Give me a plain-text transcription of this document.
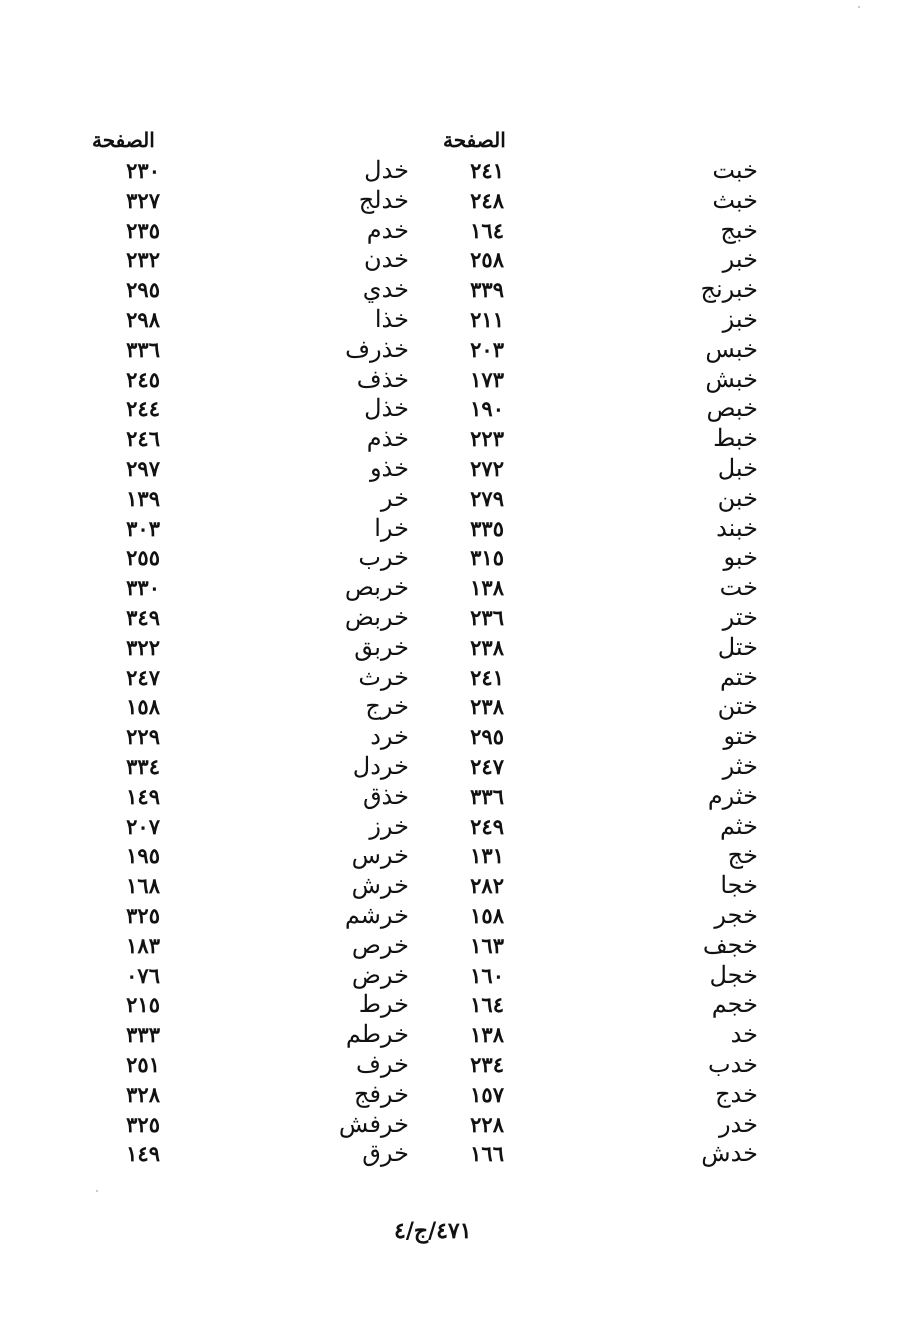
الصفحة	الصفحة
خبت
٢٤١
خدل
٢٣٠
خبث
٢٤٨
خدلج
٣٢٧
خبج
١٦٤
خدم
٢٣٥
خبر
٢٥٨
خدن
٢٣٢
خبرنج
٣٣٩
خدي
٢٩٥
خبز
٢١١
خذا
٢٩٨
خبس
٢٠٣
خذرف
٣٣٦
خبش
١٧٣
خذف
٢٤٥
خبص
١٩٠
خذل
٢٤٤
خبط
٢٢٣
خذم
٢٤٦
خبل
٢٧٢
خذو
٢٩٧
خبن
٢٧٩
خر
١٣٩
خبند
٣٣٥
خرا
٣٠٣
خبو
٣١٥
خرب
٢٥٥
خت
١٣٨
خربص
٣٣٠
ختر
٢٣٦
خربض
٣٤٩
ختل
٢٣٨
خربق
٣٢٢
ختم
٢٤١
خرث
٢٤٧
ختن
٢٣٨
خرج
١٥٨
ختو
٢٩٥
خرد
٢٢٩
خثر
٢٤٧
خردل
٣٣٤
خثرم
٣٣٦
خذق
١٤٩
خثم
٢٤٩
خرز
٢٠٧
خج
١٣١
خرس
١٩٥
خجا
٢٨٢
خرش
١٦٨
خجر
١٥٨
خرشم
٣٢٥
خجف
١٦٣
خرص
١٨٣
خجل
١٦٠
خرض
٠٧٦
خجم
١٦٤
خرط
٢١٥
خد
١٣٨
خرطم
٣٣٣
خدب
٢٣٤
خرف
٢٥١
خدج
١٥٧
خرفج
٣٢٨
خدر
٢٢٨
خرفش
٣٢٥
خدش
١٦٦
خرق
١٤٩
٤٧١/ج/٤
